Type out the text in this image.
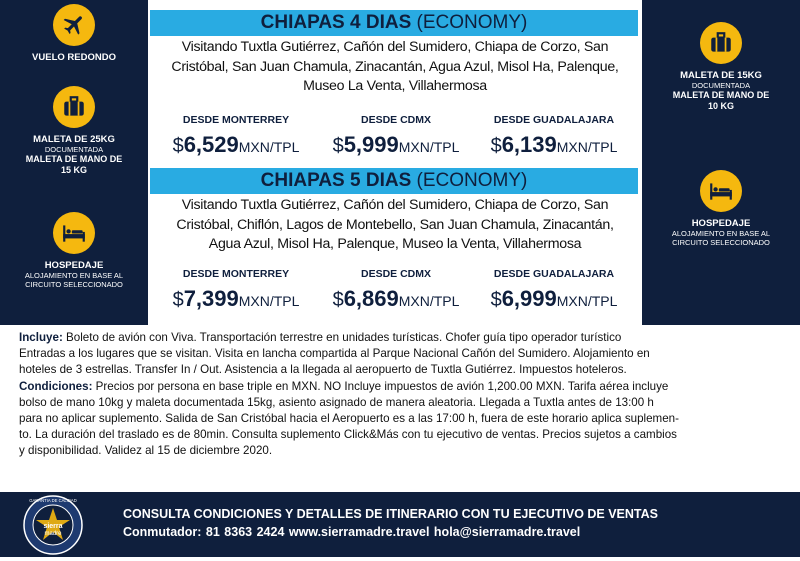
VUELO REDONDO
MALETA DE 25KG
DOCUMENTADA
MALETA DE MANO DE
15 KG
HOSPEDAJE
ALOJAMIENTO EN BASE AL
CIRCUITO SELECCIONADO
MALETA DE 15KG
DOCUMENTADA
MALETA DE MANO DE
10 KG
HOSPEDAJE
ALOJAMIENTO EN BASE AL
CIRCUITO SELECCIONADO
CHIAPAS 4 DIAS (ECONOMY)
Visitando Tuxtla Gutiérrez, Cañón del Sumidero, Chiapa de Corzo, San
Cristóbal, San Juan Chamula, Zinacantán, Agua Azul, Misol Ha, Palenque,
Museo La Venta, Villahermosa
DESDE MONTERREY	DESDE CDMX	DESDE GUADALAJARA
$6,529MXN/TPL	$5,999MXN/TPL	$6,139MXN/TPL
CHIAPAS 5 DIAS (ECONOMY)
Visitando Tuxtla Gutiérrez, Cañón del Sumidero, Chiapa de Corzo, San
Cristóbal, Chiflón, Lagos de Montebello, San Juan Chamula, Zinacantán,
Agua Azul, Misol Ha, Palenque, Museo la Venta, Villahermosa
DESDE MONTERREY	DESDE CDMX	DESDE GUADALAJARA
$7,399MXN/TPL	$6,869MXN/TPL	$6,999MXN/TPL
Incluye: Boleto de avión con Viva. Transportación terrestre en unidades turísticas. Chofer guía tipo operador turístico
Entradas a los lugares que se visitan. Visita en lancha compartida al Parque Nacional Cañón del Sumidero. Alojamiento en
hoteles de 3 estrellas. Transfer In / Out. Asistencia a la llegada al aeropuerto de Tuxtla Gutiérrez. Impuestos hoteleros.
Condiciones: Precios por persona en base triple en MXN. NO Incluye impuestos de avión 1,200.00 MXN. Tarifa aérea incluye
bolso de mano 10kg y maleta documentada 15kg, asiento asignado de manera aleatoria. Llegada a Tuxtla antes de 13:00 h
para no aplicar suplemento. Salida de San Cristóbal hacia el Aeropuerto es a las 17:00 h, fuera de este horario aplica suplemen-
to. La duración del traslado es de 80min. Consulta suplemento Click&Más con tu ejecutivo de ventas. Precios sujetos a cambios
y disponibilidad. Validez al 15 de diciembre 2020.
sierra
madre
GARANTIA DE CALIDAD
CONSULTA CONDICIONES Y DETALLES DE ITINERARIO CON TU EJECUTIVO DE VENTAS
Conmutador: 81 8363 2424 www.sierramadre.travel hola@sierramadre.travel
